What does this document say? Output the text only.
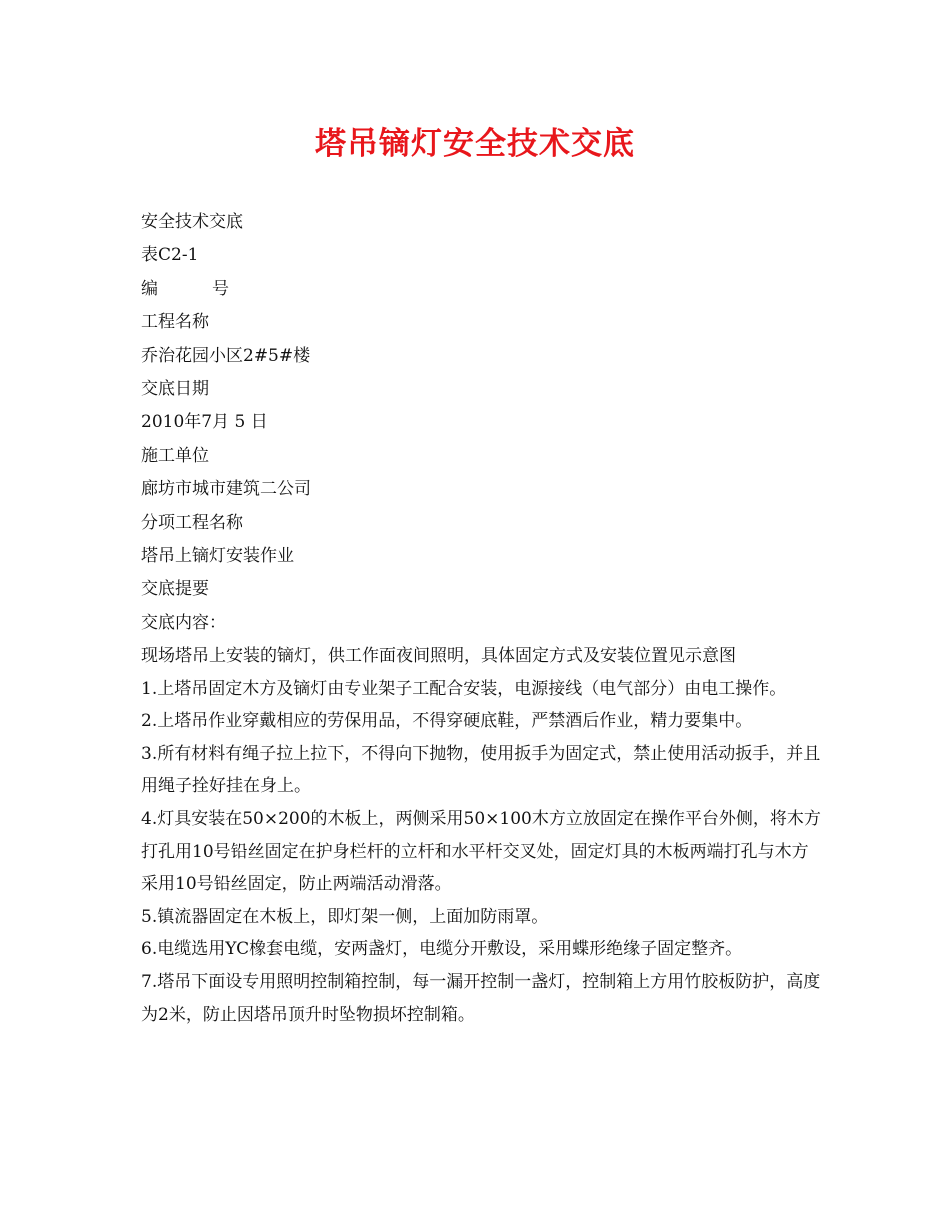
塔吊镝灯安全技术交底
安全技术交底
表C2-1
编          号
工程名称
乔治花园小区2#5#楼
交底日期
2010年7月 5 日
施工单位
廊坊市城市建筑二公司
分项工程名称
塔吊上镝灯安装作业
交底提要
交底内容：
现场塔吊上安装的镝灯，供工作面夜间照明，具体固定方式及安装位置见示意图
1.上塔吊固定木方及镝灯由专业架子工配合安装，电源接线（电气部分）由电工操作。
2.上塔吊作业穿戴相应的劳保用品，不得穿硬底鞋，严禁酒后作业，精力要集中。
3.所有材料有绳子拉上拉下，不得向下抛物，使用扳手为固定式，禁止使用活动扳手，并且用绳子拴好挂在身上。
4.灯具安装在50×200的木板上，两侧采用50×100木方立放固定在操作平台外侧，将木方打孔用10号铅丝固定在护身栏杆的立杆和水平杆交叉处，固定灯具的木板两端打孔与木方采用10号铅丝固定，防止两端活动滑落。
5.镇流器固定在木板上，即灯架一侧，上面加防雨罩。
6.电缆选用YC橡套电缆，安两盏灯，电缆分开敷设，采用蝶形绝缘子固定整齐。
7.塔吊下面设专用照明控制箱控制，每一漏开控制一盏灯，控制箱上方用竹胶板防护，高度为2米，防止因塔吊顶升时坠物损坏控制箱。
